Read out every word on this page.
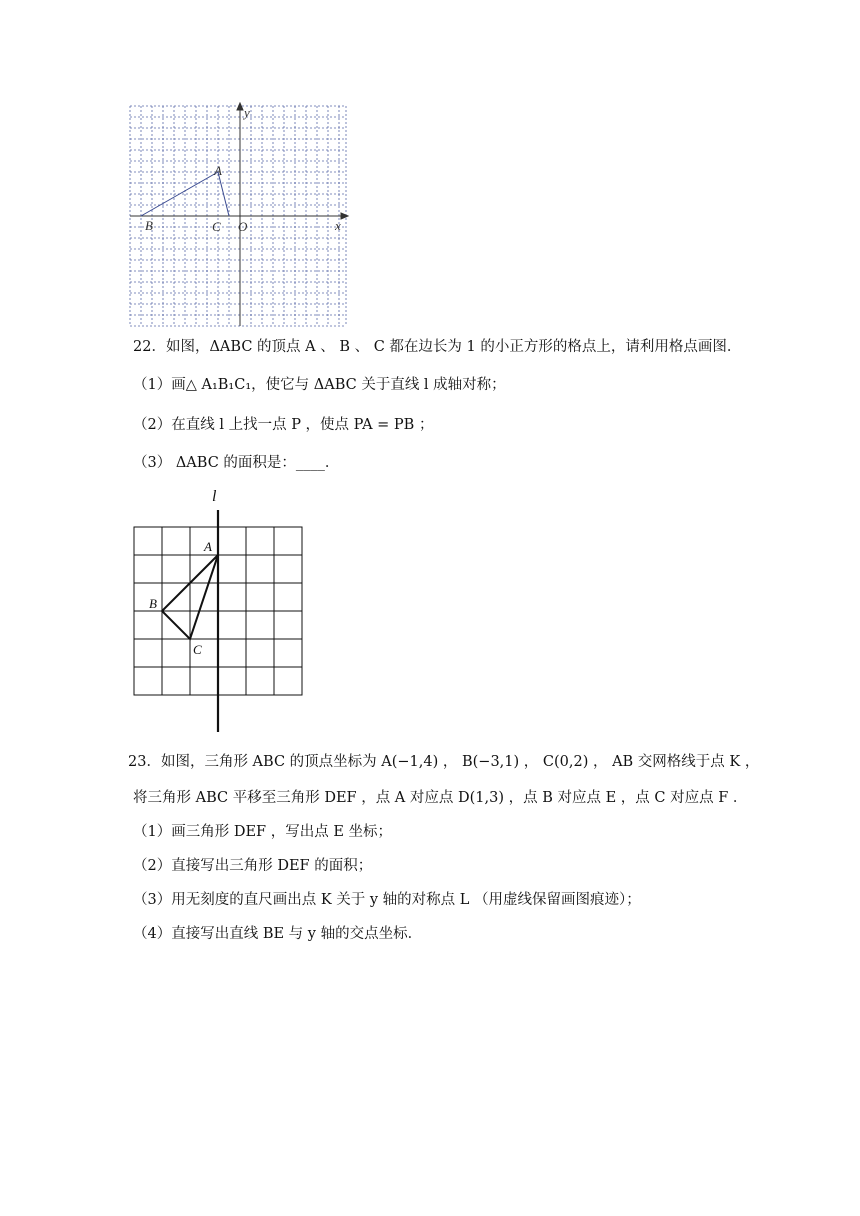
y
x
A
B	C O
22．如图，ΔABC 的顶点 A 、 B 、 C 都在边长为 1 的小正方形的格点上，请利用格点画图．
（1）画△ A₁B₁C₁，使它与 ΔABC 关于直线 l 成轴对称；
（2）在直线 l 上找一点 P ，使点 PA = PB ；
（3） ΔABC 的面积是：____．
l
A
B
C
23．如图，三角形 ABC 的顶点坐标为 A(−1,4) ， B(−3,1) ， C(0,2) ， AB 交网格线于点 K ，
将三角形 ABC 平移至三角形 DEF ，点 A 对应点 D(1,3) ，点 B 对应点 E ，点 C 对应点 F ．
（1）画三角形 DEF ，写出点 E 坐标；
（2）直接写出三角形 DEF 的面积；
（3）用无刻度的直尺画出点 K 关于 y 轴的对称点 L （用虚线保留画图痕迹）；
（4）直接写出直线 BE 与 y 轴的交点坐标．
